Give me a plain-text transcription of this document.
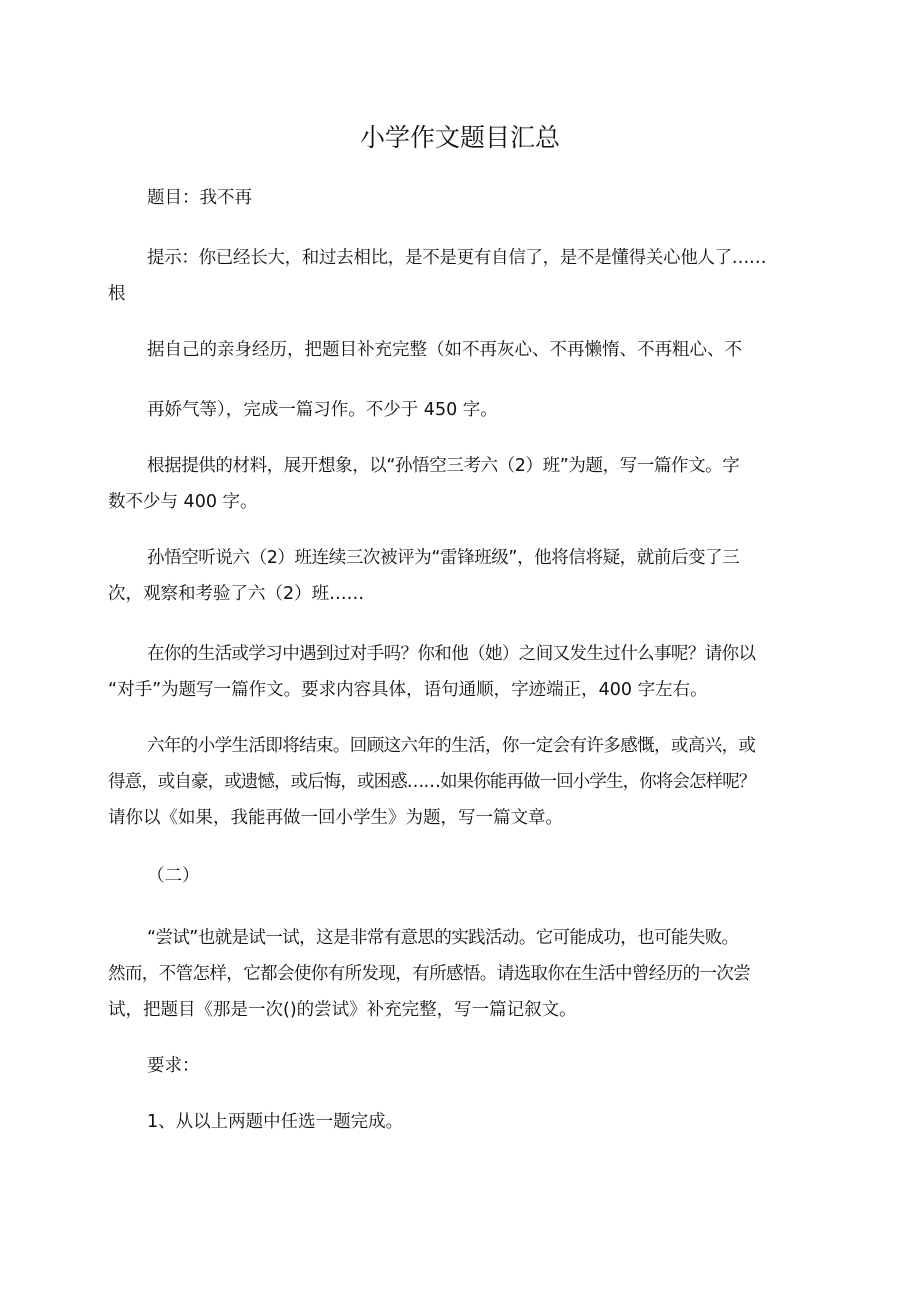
小学作文题目汇总
题目：我不再
提示：你已经长大，和过去相比，是不是更有自信了，是不是懂得关心他人了……
根
据自己的亲身经历，把题目补充完整（如不再灰心、不再懒惰、不再粗心、不
再娇气等），完成一篇习作。不少于 450 字。
根据提供的材料，展开想象，以“孙悟空三考六（2）班”为题，写一篇作文。字
数不少与 400 字。
孙悟空听说六（2）班连续三次被评为“雷锋班级”，他将信将疑，就前后变了三
次，观察和考验了六（2）班……
在你的生活或学习中遇到过对手吗？你和他（她）之间又发生过什么事呢？请你以
“对手”为题写一篇作文。要求内容具体，语句通顺，字迹端正，400 字左右。
六年的小学生活即将结束。回顾这六年的生活，你一定会有许多感慨，或高兴，或
得意，或自豪，或遗憾，或后悔，或困惑……如果你能再做一回小学生，你将会怎样呢？
请你以《如果，我能再做一回小学生》为题，写一篇文章。
（二）
“尝试”也就是试一试，这是非常有意思的实践活动。它可能成功，也可能失败。
然而，不管怎样，它都会使你有所发现，有所感悟。请选取你在生活中曾经历的一次尝
试，把题目《那是一次()的尝试》补充完整，写一篇记叙文。
要求：
1、从以上两题中任选一题完成。
